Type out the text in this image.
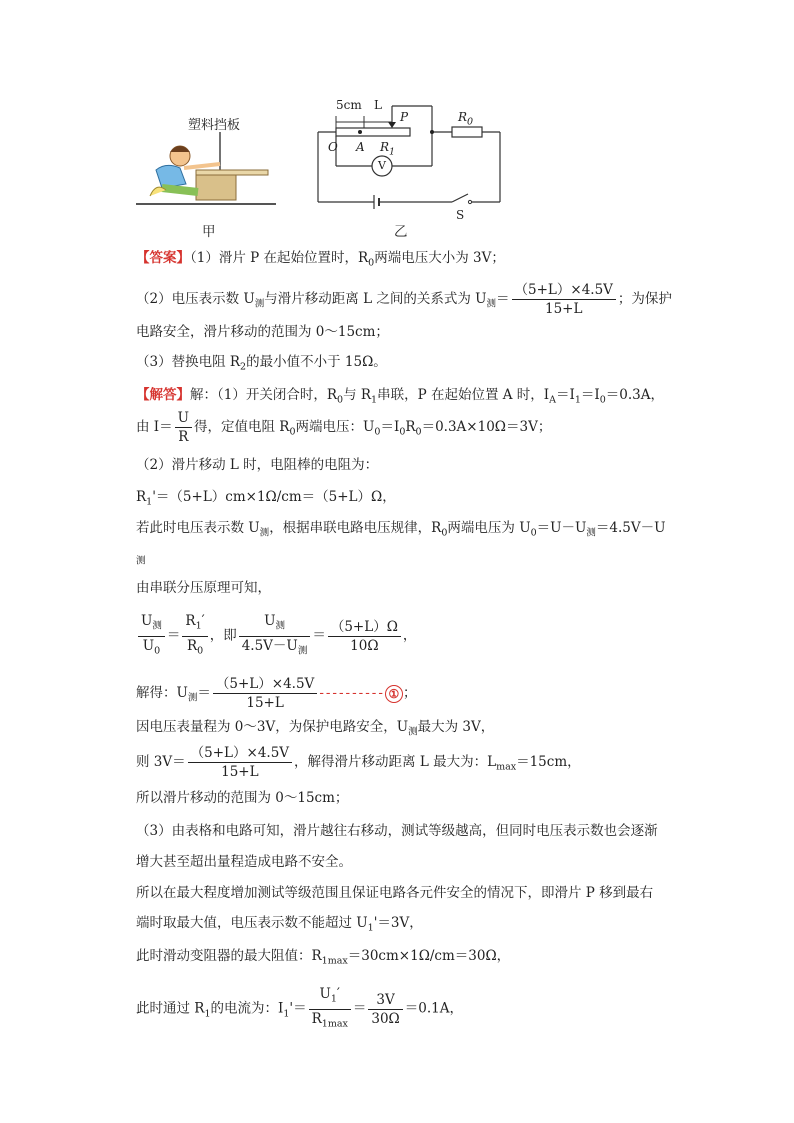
塑料挡板
甲
5cm L
P	$R_0$
O A $R_1$
V
S
乙
【答案】（1）滑片 P 在起始位置时，$R_0$两端电压大小为 3V；
（2）电压表示数 $U_测$与滑片移动距离 L 之间的关系式为 $U_测= \frac{(5+L)\times 4.5V}{15+L}$ ；为保护
电路安全，滑片移动的范围为 0～15cm；
（3）替换电阻 $R_2$的最小值不小于 15Ω。
【解答】解：（1）开关闭合时，$R_0$与 $R_1$串联，P 在起始位置 A 时，$I_A=I_1=I_0=0.3A$，
由 $I= \frac{U}{R}$ 得，定值电阻 $R_0$两端电压：$U_0=I_0R_0=0.3A\times 10\Omega=3V$；
（2）滑片移动 L 时，电阻棒的电阻为：
$R_1'=(5+L)cm\times 1\Omega/cm=(5+L)\Omega$，
若此时电压表示数 $U_测$，根据串联电路电压规律，$R_0$两端电压为 $U_0=U-U_测=4.5V-U$
$_测$
由串联分压原理可知，
$\frac{U_测}{U_0} = \frac{R_1'}{R_0}$ ，即 $\frac{U_测}{4.5V-U_测} = \frac{(5+L)\Omega}{10\Omega}$ ，
解得：$U_测= \frac{(5+L)\times 4.5V}{15+L}$ ---------- ① ；
因电压表量程为 0～3V，为保护电路安全，$U_测$最大为 3V，
则 $3V= \frac{(5+L)\times 4.5V}{15+L}$ ，解得滑片移动距离 L 最大为：$L_{max}=15cm$，
所以滑片移动的范围为 0～15cm；
（3）由表格和电路可知，滑片越往右移动，测试等级越高，但同时电压表示数也会逐渐
增大甚至超出量程造成电路不安全。
所以在最大程度增加测试等级范围且保证电路各元件安全的情况下，即滑片 P 移到最右
端时取最大值，电压表示数不能超过 $U_1'=3V$，
此时滑动变阻器的最大阻值：$R_{1max}=30cm\times 1\Omega/cm=30\Omega$，
此时通过 $R_1$的电流为：$I_1'= \frac{U_1'}{R_{1max}} = \frac{3V}{30\Omega} =0.1A$，
